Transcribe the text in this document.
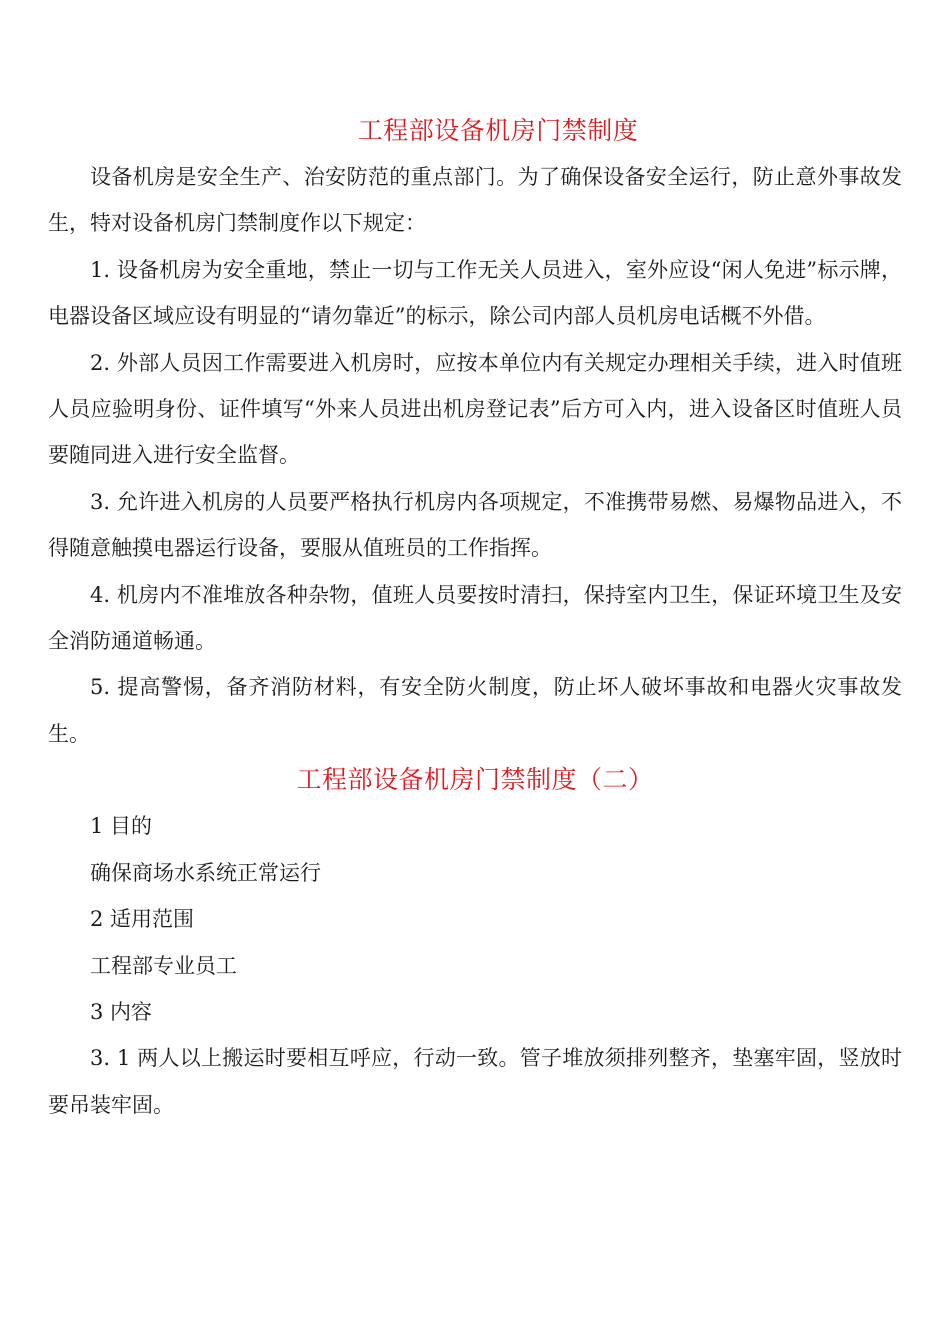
工程部设备机房门禁制度

设备机房是安全生产、治安防范的重点部门。为了确保设备安全运行，防止意外事故发生，特对设备机房门禁制度作以下规定：

1. 设备机房为安全重地，禁止一切与工作无关人员进入，室外应设“闲人免进”标示牌，电器设备区域应设有明显的“请勿靠近”的标示，除公司内部人员机房电话概不外借。

2. 外部人员因工作需要进入机房时，应按本单位内有关规定办理相关手续，进入时值班人员应验明身份、证件填写“外来人员进出机房登记表”后方可入内，进入设备区时值班人员要随同进入进行安全监督。

3. 允许进入机房的人员要严格执行机房内各项规定，不准携带易燃、易爆物品进入，不得随意触摸电器运行设备，要服从值班员的工作指挥。

4. 机房内不准堆放各种杂物，值班人员要按时清扫，保持室内卫生，保证环境卫生及安全消防通道畅通。

5. 提高警惕，备齐消防材料，有安全防火制度，防止坏人破坏事故和电器火灾事故发生。

工程部设备机房门禁制度（二）

1 目的

确保商场水系统正常运行

2 适用范围

工程部专业员工

3 内容

3. 1 两人以上搬运时要相互呼应，行动一致。管子堆放须排列整齐，垫塞牢固，竖放时要吊装牢固。
